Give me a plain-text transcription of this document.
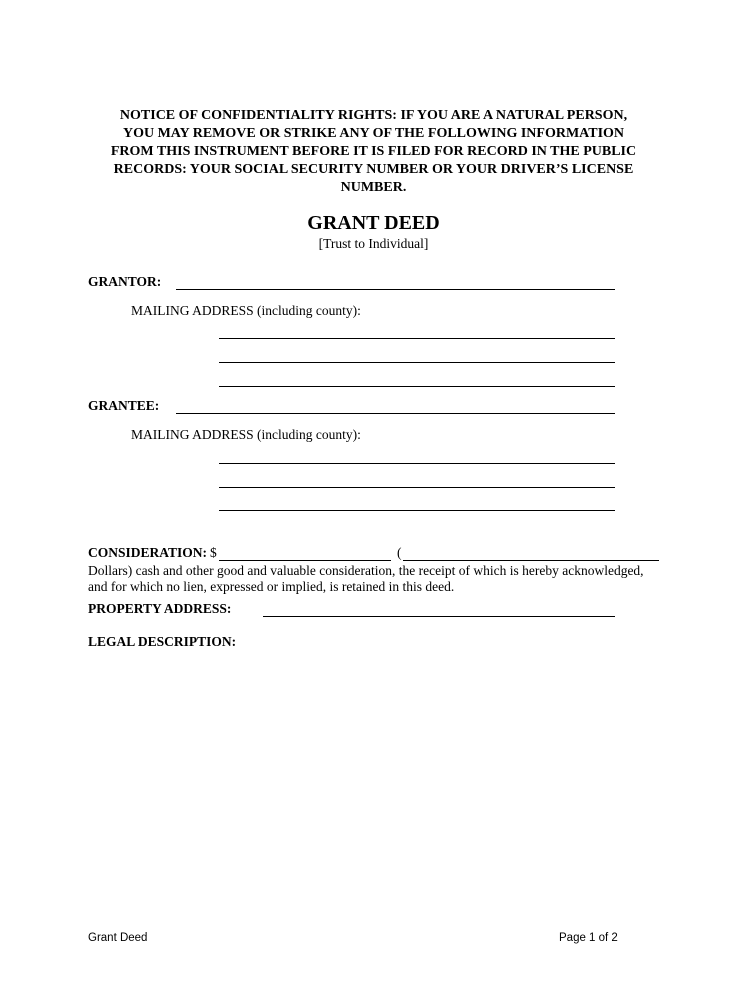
NOTICE OF CONFIDENTIALITY RIGHTS: IF YOU ARE A NATURAL PERSON,
YOU MAY REMOVE OR STRIKE ANY OF THE FOLLOWING INFORMATION
FROM THIS INSTRUMENT BEFORE IT IS FILED FOR RECORD IN THE PUBLIC
RECORDS: YOUR SOCIAL SECURITY NUMBER OR YOUR DRIVER’S LICENSE
NUMBER.
GRANT DEED
[Trust to Individual]
GRANTOR:
MAILING ADDRESS (including county):
GRANTEE:
MAILING ADDRESS (including county):
CONSIDERATION: $	(
Dollars) cash and other good and valuable consideration, the receipt of which is hereby acknowledged,
and for which no lien, expressed or implied, is retained in this deed.
PROPERTY ADDRESS:
LEGAL DESCRIPTION:
Grant Deed	Page 1 of 2
